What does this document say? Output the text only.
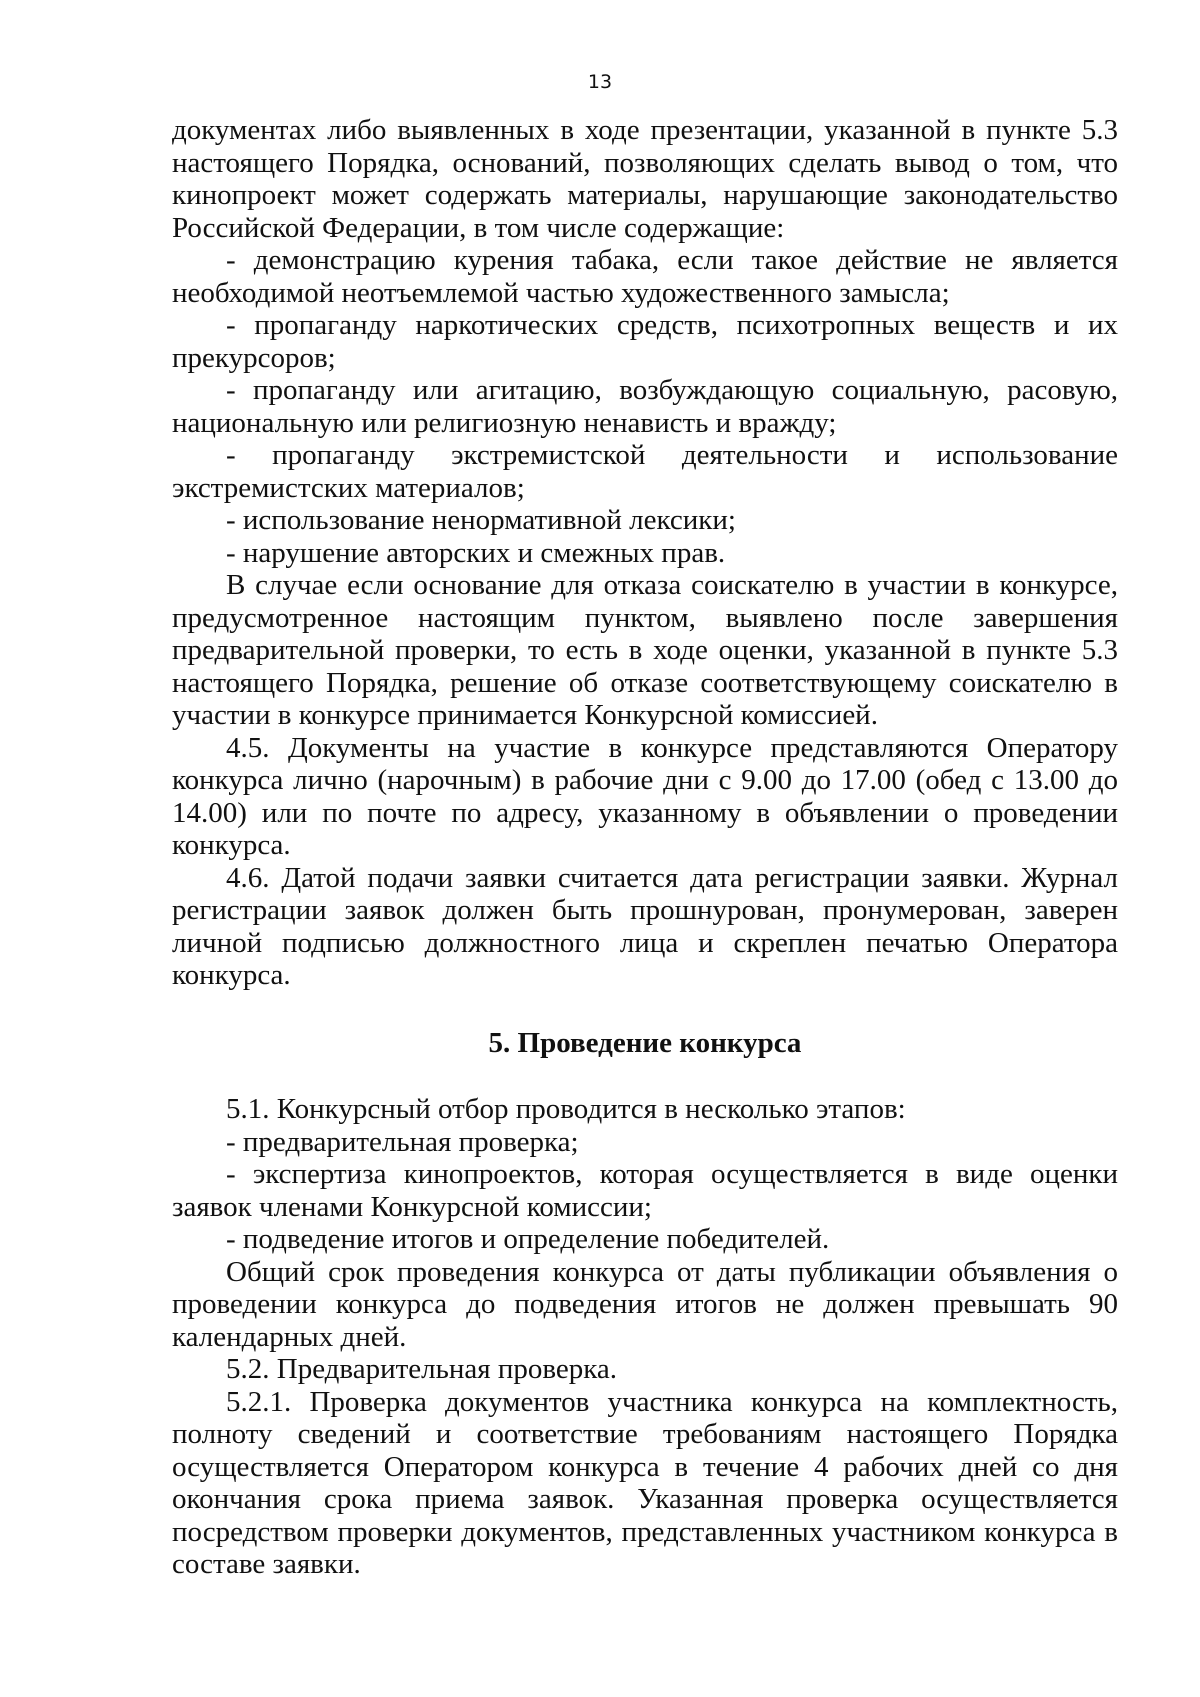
13

документах либо выявленных в ходе презентации, указанной в пункте 5.3 настоящего Порядка, оснований, позволяющих сделать вывод о том, что кинопроект может содержать материалы, нарушающие законодательство Российской Федерации, в том числе содержащие:

- демонстрацию курения табака, если такое действие не является необходимой неотъемлемой частью художественного замысла;

- пропаганду наркотических средств, психотропных веществ и их прекурсоров;

- пропаганду или агитацию, возбуждающую социальную, расовую, национальную или религиозную ненависть и вражду;

- пропаганду экстремистской деятельности и использование экстремистских материалов;

- использование ненормативной лексики;

- нарушение авторских и смежных прав.

В случае если основание для отказа соискателю в участии в конкурсе, предусмотренное настоящим пунктом, выявлено после завершения предварительной проверки, то есть в ходе оценки, указанной в пункте 5.3 настоящего Порядка, решение об отказе соответствующему соискателю в участии в конкурсе принимается Конкурсной комиссией.

4.5. Документы на участие в конкурсе представляются Оператору конкурса лично (нарочным) в рабочие дни с 9.00 до 17.00 (обед с 13.00 до 14.00) или по почте по адресу, указанному в объявлении о проведении конкурса.

4.6. Датой подачи заявки считается дата регистрации заявки. Журнал регистрации заявок должен быть прошнурован, пронумерован, заверен личной подписью должностного лица и скреплен печатью Оператора конкурса.

5. Проведение конкурса

5.1. Конкурсный отбор проводится в несколько этапов:

- предварительная проверка;

- экспертиза кинопроектов, которая осуществляется в виде оценки заявок членами Конкурсной комиссии;

- подведение итогов и определение победителей.

Общий срок проведения конкурса от даты публикации объявления о проведении конкурса до подведения итогов не должен превышать 90 календарных дней.

5.2. Предварительная проверка.

5.2.1. Проверка документов участника конкурса на комплектность, полноту сведений и соответствие требованиям настоящего Порядка осуществляется Оператором конкурса в течение 4 рабочих дней со дня окончания срока приема заявок. Указанная проверка осуществляется посредством проверки документов, представленных участником конкурса в составе заявки.
